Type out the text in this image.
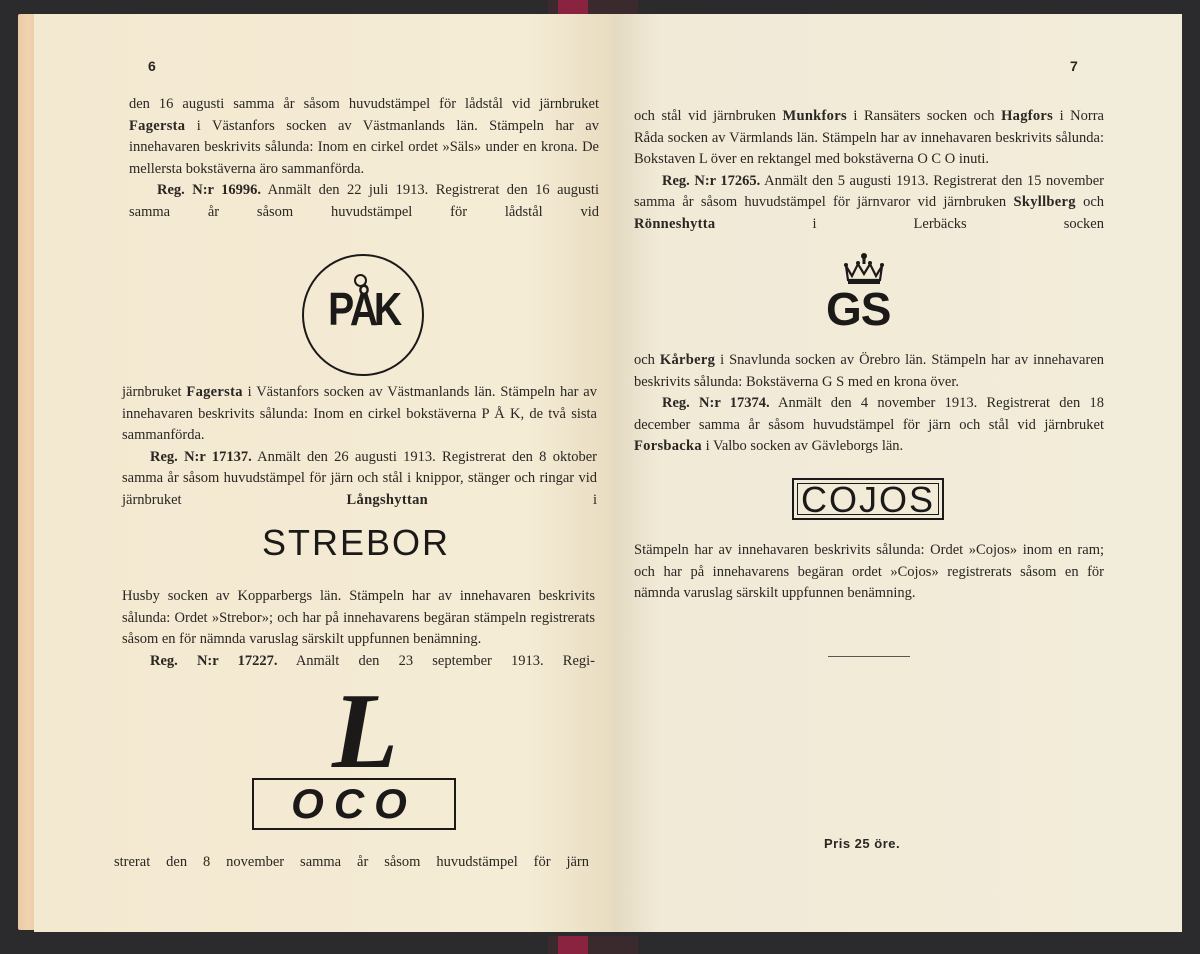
6

den 16 augusti samma år såsom huvudstämpel för lådstål vid järnbruket Fagersta i Västanfors socken av Västmanlands län. Stämpeln har av innehavaren beskrivits sålunda: Inom en cirkel ordet »Säls» under en krona. De mellersta bokstäverna äro sammanförda.

Reg. N:r 16996. Anmält den 22 juli 1913. Registrerat den 16 augusti samma år såsom huvudstämpel för lådstål vid

PÅK

järnbruket Fagersta i Västanfors socken av Västmanlands län. Stämpeln har av innehavaren beskrivits sålunda: Inom en cirkel bokstäverna P Å K, de två sista sammanförda.

Reg. N:r 17137. Anmält den 26 augusti 1913. Registrerat den 8 oktober samma år såsom huvudstämpel för järn och stål i knippor, stänger och ringar vid järnbruket Långshyttan i

STREBOR

Husby socken av Kopparbergs län. Stämpeln har av innehavaren beskrivits sålunda: Ordet »Strebor»; och har på innehavarens begäran stämpeln registrerats såsom en för nämnda varuslag särskilt uppfunnen benämning.

Reg. N:r 17227. Anmält den 23 september 1913. Regi-

L
OCO

strerat den 8 november samma år såsom huvudstämpel för järn

7

och stål vid järnbruken Munkfors i Ransäters socken och Hagfors i Norra Råda socken av Värmlands län. Stämpeln har av innehavaren beskrivits sålunda: Bokstaven L över en rektangel med bokstäverna O C O inuti.

Reg. N:r 17265. Anmält den 5 augusti 1913. Registrerat den 15 november samma år såsom huvudstämpel för järnvaror vid järnbruken Skyllberg och Rönneshytta i Lerbäcks socken

GS

och Kårberg i Snavlunda socken av Örebro län. Stämpeln har av innehavaren beskrivits sålunda: Bokstäverna G S med en krona över.

Reg. N:r 17374. Anmält den 4 november 1913. Registrerat den 18 december samma år såsom huvudstämpel för järn och stål vid järnbruket Forsbacka i Valbo socken av Gävleborgs län.

COJOS

Stämpeln har av innehavaren beskrivits sålunda: Ordet »Cojos» inom en ram; och har på innehavarens begäran ordet »Cojos» registrerats såsom en för nämnda varuslag särskilt uppfunnen benämning.

Pris 25 öre.
